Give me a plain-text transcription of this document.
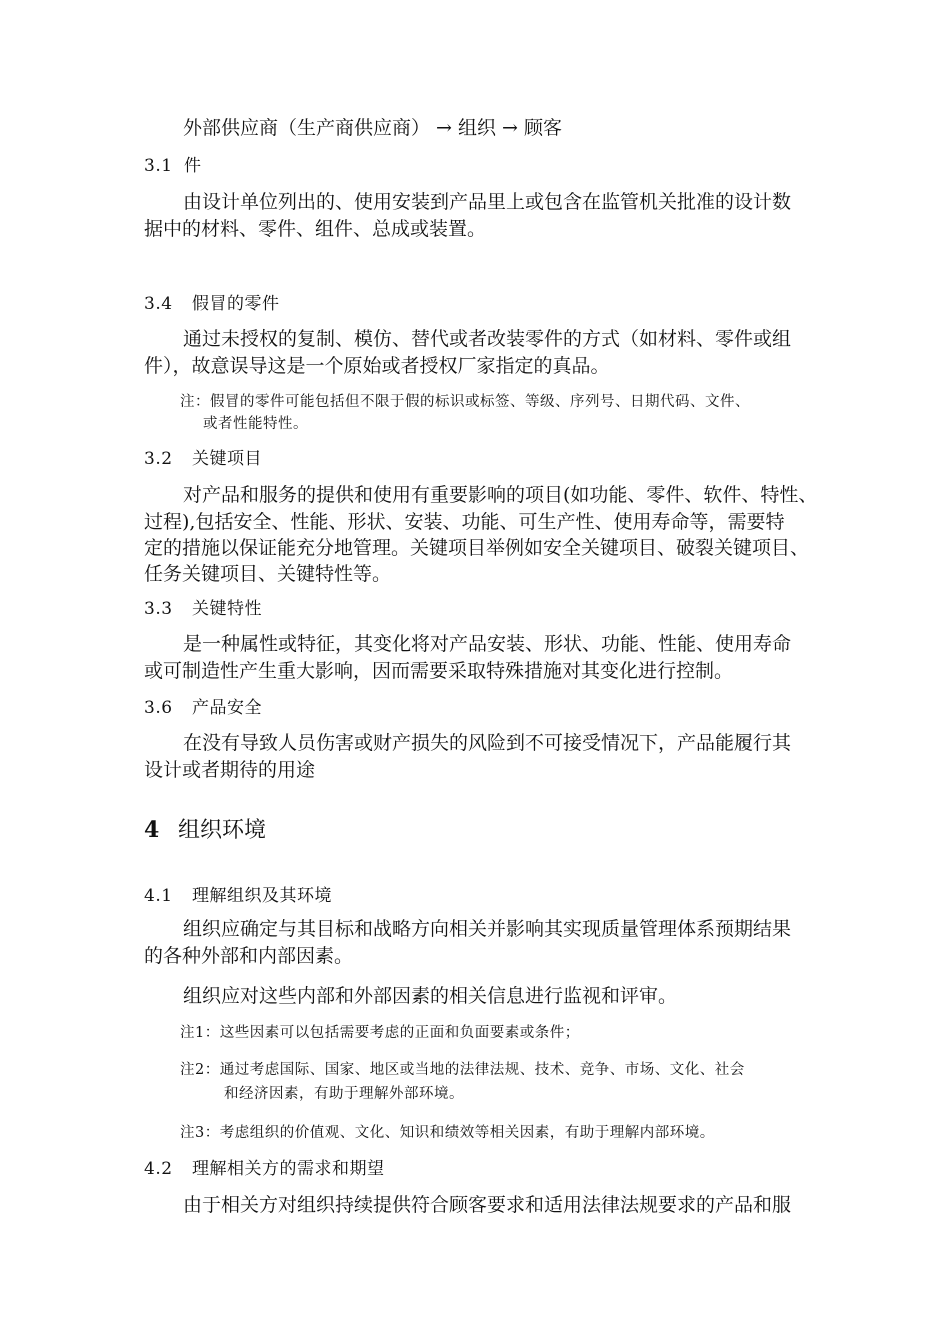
外部供应商（生产商供应商） → 组织 → 顾客

3.1 件

由设计单位列出的、使用安装到产品里上或包含在监管机关批准的设计数

据中的材料、零件、组件、总成或装置。

3.4 假冒的零件

通过未授权的复制、模仿、替代或者改装零件的方式（如材料、零件或组

件），故意误导这是一个原始或者授权厂家指定的真品。

注：假冒的零件可能包括但不限于假的标识或标签、等级、序列号、日期代码、文件、

或者性能特性。

3.2 关键项目

对产品和服务的提供和使用有重要影响的项目(如功能、零件、软件、特性、

过程),包括安全、性能、形状、安装、功能、可生产性、使用寿命等，需要特

定的措施以保证能充分地管理。关键项目举例如安全关键项目、破裂关键项目、

任务关键项目、关键特性等。

3.3 关键特性

是一种属性或特征，其变化将对产品安装、形状、功能、性能、使用寿命

或可制造性产生重大影响，因而需要采取特殊措施对其变化进行控制。

3.6 产品安全

在没有导致人员伤害或财产损失的风险到不可接受情况下，产品能履行其

设计或者期待的用途

4 组织环境
4.1 理解组织及其环境

组织应确定与其目标和战略方向相关并影响其实现质量管理体系预期结果

的各种外部和内部因素。

组织应对这些内部和外部因素的相关信息进行监视和评审。

注1：这些因素可以包括需要考虑的正面和负面要素或条件；

注2：通过考虑国际、国家、地区或当地的法律法规、技术、竞争、市场、文化、社会

和经济因素，有助于理解外部环境。

注3：考虑组织的价值观、文化、知识和绩效等相关因素，有助于理解内部环境。

4.2 理解相关方的需求和期望

由于相关方对组织持续提供符合顾客要求和适用法律法规要求的产品和服
